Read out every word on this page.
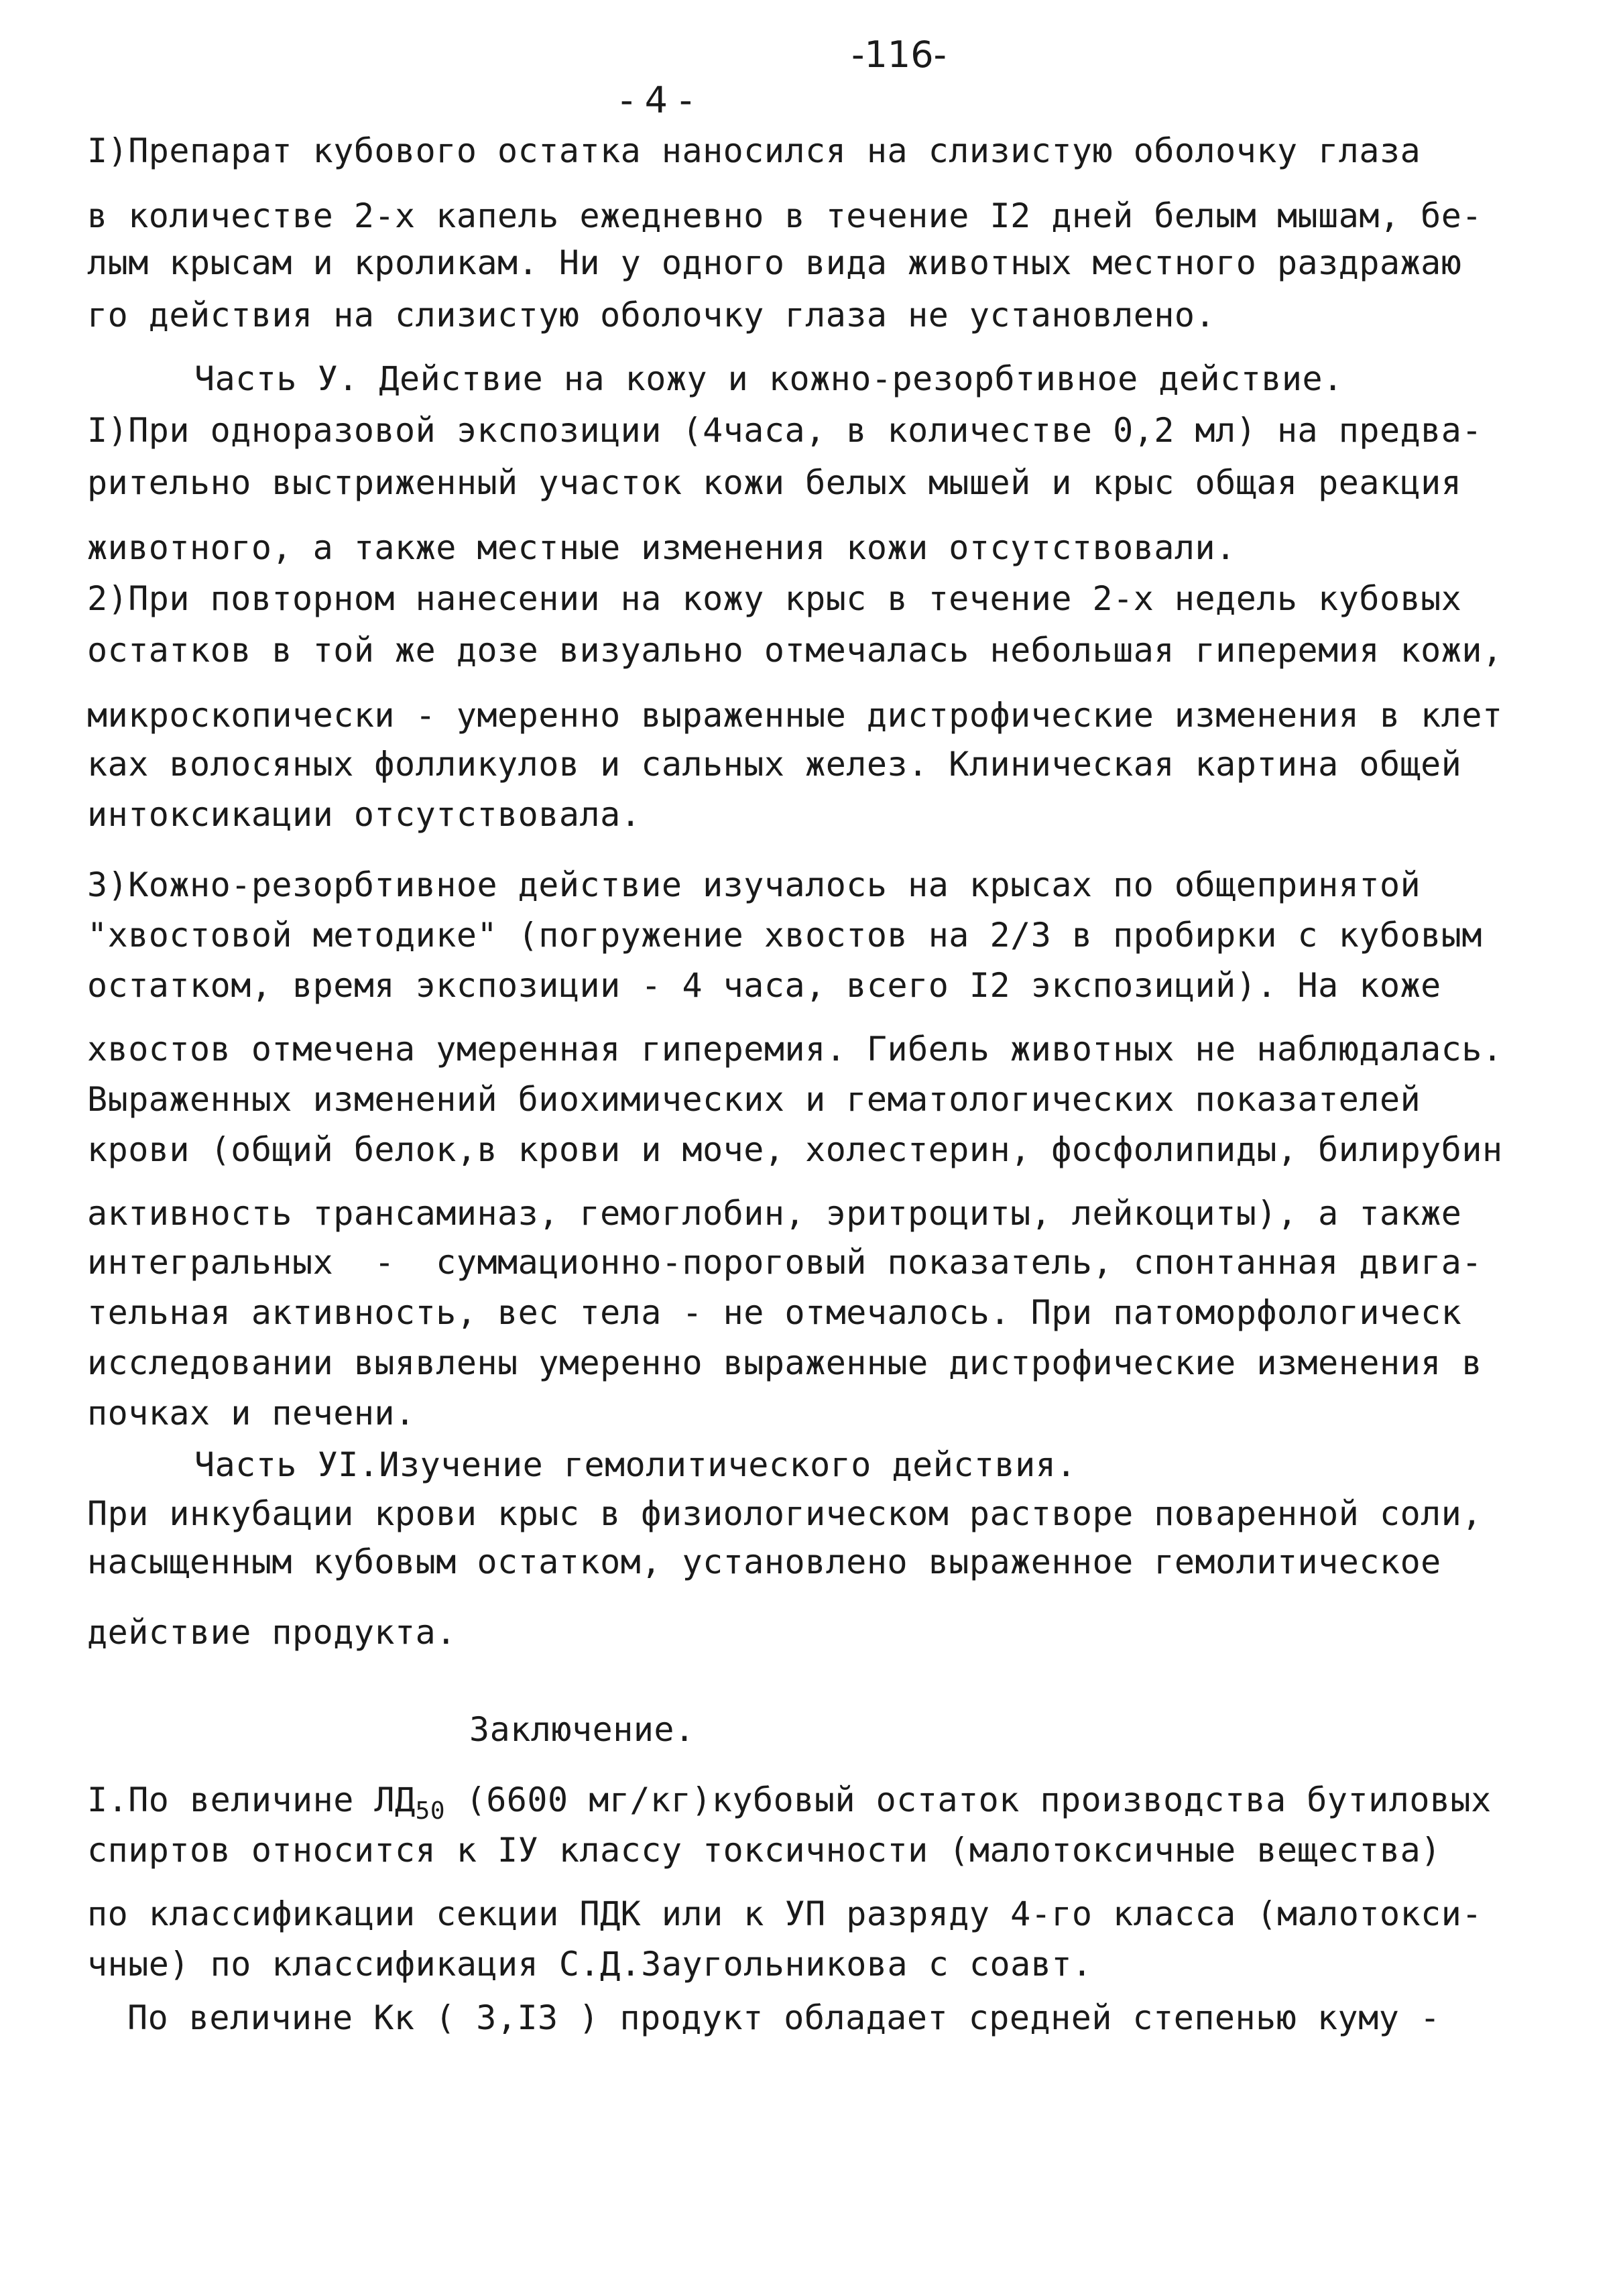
-116-
- 4 -
I)Препарат кубового остатка наносился на слизистую оболочку глаза
в количестве 2-х капель ежедневно в течение I2 дней белым мышам, бе-
лым крысам и кроликам. Ни у одного вида животных местного раздражаю
го действия на слизистую оболочку глаза не установлено.
Часть У. Действие на кожу и кожно-резорбтивное действие.
I)При одноразовой экспозиции (4часа, в количестве 0,2 мл) на предва-
рительно выстриженный участок кожи белых мышей и крыс общая реакция
животного, а также местные изменения кожи отсутствовали.
2)При повторном нанесении на кожу крыс в течение 2-х недель кубовых
остатков в той же дозе визуально отмечалась небольшая гиперемия кожи,
микроскопически - умеренно выраженные дистрофические изменения в клет
ках волосяных фолликулов и сальных желез. Клиническая картина общей
интоксикации отсутствовала.
3)Кожно-резорбтивное действие изучалось на крысах по общепринятой
"хвостовой методике" (погружение хвостов на 2/3 в пробирки с кубовым
остатком, время экспозиции - 4 часа, всего I2 экспозиций). На коже
хвостов отмечена умеренная гиперемия. Гибель животных не наблюдалась.
Выраженных изменений биохимических и гематологических показателей
крови (общий белок,в крови и моче, холестерин, фосфолипиды, билирубин
активность трансаминаз, гемоглобин, эритроциты, лейкоциты), а также
интегральных  -  суммационно-пороговый показатель, спонтанная двига-
тельная активность, вес тела - не отмечалось. При патоморфологическ
исследовании выявлены умеренно выраженные дистрофические изменения в
почках и печени.
Часть УI.Изучение гемолитического действия.
При инкубации крови крыс в физиологическом растворе поваренной соли,
насыщенным кубовым остатком, установлено выраженное гемолитическое
действие продукта.
Заключение.
I.По величине $ЛД_{50}$ (6600 мг/кг)кубовый остаток производства бутиловых
спиртов относится к IУ классу токсичности (малотоксичные вещества)
по классификации секции ПДК или к УП разряду 4-го класса (малотокси-
чные) по классификация С.Д.Заугольникова с соавт.
По величине Кк ( 3,I3 ) продукт обладает средней степенью куму -
